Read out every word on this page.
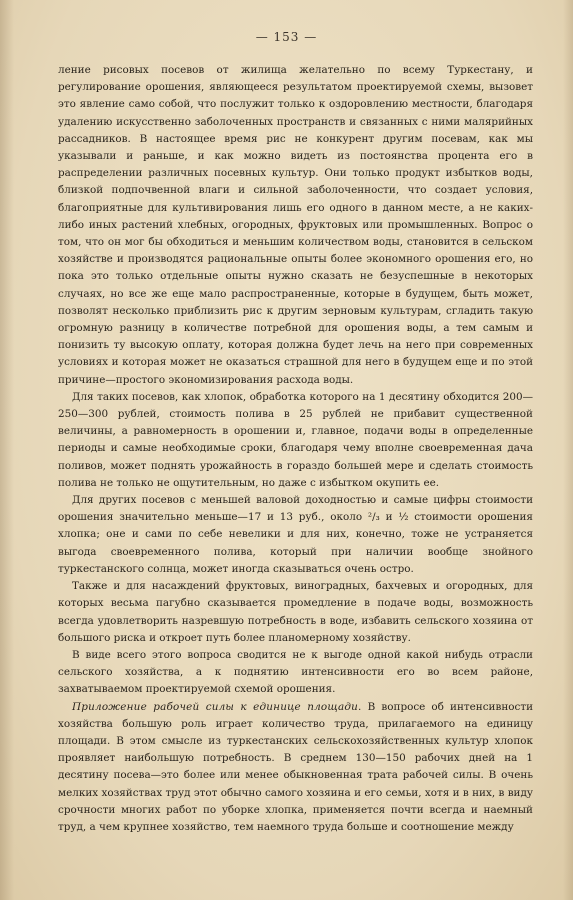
— 153 —

ление рисовых посевов от жилища желательно по всему Туркестану, и регулирование орошения, являющееся результатом проектируемой схемы, вызовет это явление само собой, что послужит только к оздоровлению местности, благодаря удалению искусственно заболоченных пространств и связанных с ними малярийных рассадников. В настоящее время рис не конкурент другим посевам, как мы указывали и раньше, и как можно видеть из постоянства процента его в распределении различных посевных культур. Они только продукт избытков воды, близкой подпочвенной влаги и сильной заболоченности, что создает условия, благоприятные для культивирования лишь его одного в данном месте, а не каких-либо иных растений хлебных, огородных, фруктовых или промышленных. Вопрос о том, что он мог бы обходиться и меньшим количеством воды, становится в сельском хозяйстве и производятся рациональные опыты более экономного орошения его, но пока это только отдельные опыты нужно сказать не безуспешные в некоторых случаях, но все же еще мало распространенные, которые в будущем, быть может, позволят несколько приблизить рис к другим зерновым культурам, сгладить такую огромную разницу в количестве потребной для орошения воды, а тем самым и понизить ту высокую оплату, которая должна будет лечь на него при современных условиях и которая может не оказаться страшной для него в будущем еще и по этой причине—простого экономизирования расхода воды.

Для таких посевов, как хлопок, обработка которого на 1 десятину обходится 200—250—300 рублей, стоимость полива в 25 рублей не прибавит существенной величины, а равномерность в орошении и, главное, подачи воды в определенные периоды и самые необходимые сроки, благодаря чему вполне своевременная дача поливов, может поднять урожайность в гораздо большей мере и сделать стоимость полива не только не ощутительным, но даже с избытком окупить ее.

Для других посевов с меньшей валовой доходностью и самые цифры стоимости орошения значительно меньше—17 и 13 руб., около ²/₃ и ½ стоимости орошения хлопка; оне и сами по себе невелики и для них, конечно, тоже не устраняется выгода своевременного полива, который при наличии вообще знойного туркестанского солнца, может иногда сказываться очень остро.

Также и для насаждений фруктовых, виноградных, бахчевых и огородных, для которых весьма пагубно сказывается промедление в подаче воды, возможность всегда удовлетворить назревшую потребность в воде, избавить сельского хозяина от большого риска и откроет путь более планомерному хозяйству.

В виде всего этого вопроса сводится не к выгоде одной какой нибудь отрасли сельского хозяйства, а к поднятию интенсивности его во всем районе, захватываемом проектируемой схемой орошения.

Приложение рабочей силы к единице площади. В вопросе об интенсивности хозяйства большую роль играет количество труда, прилагаемого на единицу площади. В этом смысле из туркестанских сельскохозяйственных культур хлопок проявляет наибольшую потребность. В среднем 130—150 рабочих дней на 1 десятину посева—это более или менее обыкновенная трата рабочей силы. В очень мелких хозяйствах труд этот обычно самого хозяина и его семьи, хотя и в них, в виду срочности многих работ по уборке хлопка, применяется почти всегда и наемный труд, а чем крупнее хозяйство, тем наемного труда больше и соотношение между
